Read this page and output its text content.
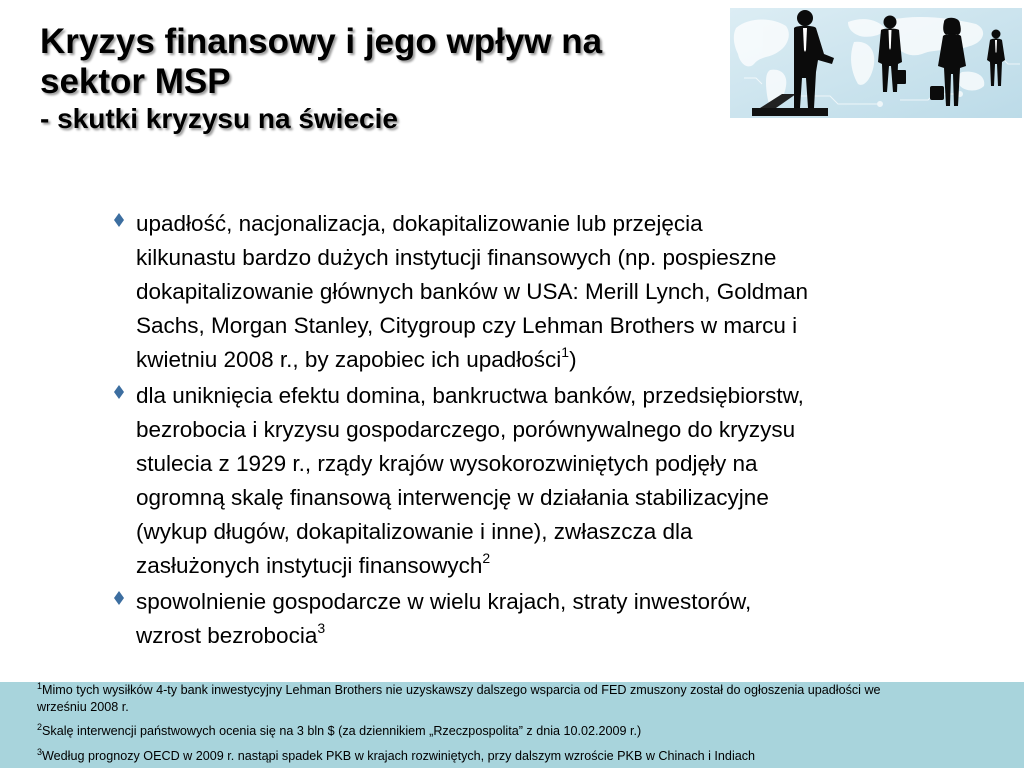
Kryzys finansowy i jego wpływ na
sektor MSP
- skutki kryzysu na świecie
upadłość, nacjonalizacja, dokapitalizowanie lub przejęcia
kilkunastu bardzo dużych instytucji finansowych (np. pospieszne
dokapitalizowanie głównych banków w USA: Merill Lynch, Goldman
Sachs, Morgan Stanley, Citygroup czy Lehman Brothers w marcu i
kwietniu 2008 r., by zapobiec ich upadłości$^1$)
dla uniknięcia efektu domina, bankructwa banków, przedsiębiorstw,
bezrobocia i kryzysu gospodarczego, porównywalnego do kryzysu
stulecia z 1929 r., rządy krajów wysokorozwiniętych podjęły na
ogromną skalę finansową interwencję w działania stabilizacyjne
(wykup długów, dokapitalizowanie i inne), zwłaszcza dla
zasłużonych instytucji finansowych$^2$
spowolnienie gospodarcze w wielu krajach, straty inwestorów,
wzrost bezrobocia$^3$

$^1$Mimo tych wysiłków 4-ty bank inwestycyjny Lehman Brothers nie uzyskawszy dalszego wsparcia od FED zmuszony został do ogłoszenia upadłości we
wrześniu 2008 r.

$^2$Skalę interwencji państwowych ocenia się na 3 bln $ (za dziennikiem „Rzeczpospolita” z dnia 10.02.2009 r.)

$^3$Według prognozy OECD w 2009 r. nastąpi spadek PKB w krajach rozwiniętych, przy dalszym wzroście PKB w Chinach i Indiach
